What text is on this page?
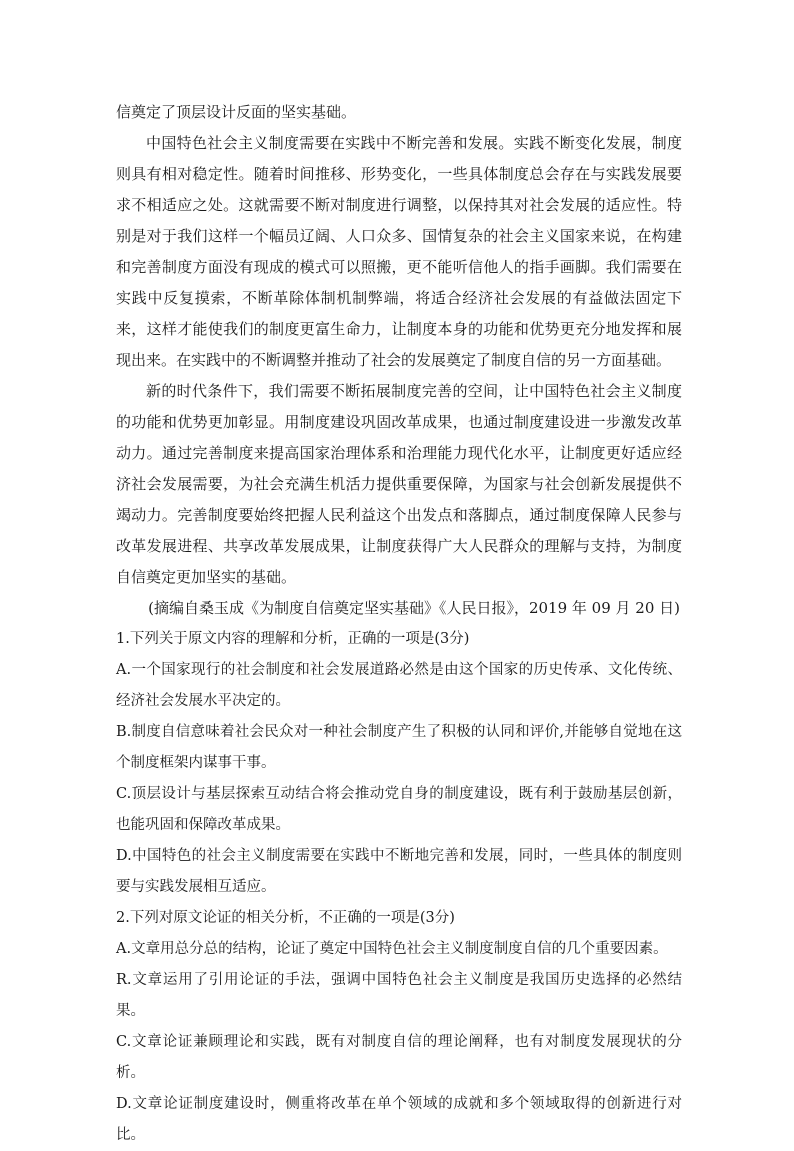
信奠定了顶层设计反面的坚实基础。

中国特色社会主义制度需要在实践中不断完善和发展。实践不断变化发展，制度则具有相对稳定性。随着时间推移、形势变化，一些具体制度总会存在与实践发展要求不相适应之处。这就需要不断对制度进行调整，以保持其对社会发展的适应性。特别是对于我们这样一个幅员辽阔、人口众多、国情复杂的社会主义国家来说，在构建和完善制度方面没有现成的模式可以照搬，更不能听信他人的指手画脚。我们需要在实践中反复摸索，不断革除体制机制弊端，将适合经济社会发展的有益做法固定下来，这样才能使我们的制度更富生命力，让制度本身的功能和优势更充分地发挥和展现出来。在实践中的不断调整并推动了社会的发展奠定了制度自信的另一方面基础。

新的时代条件下，我们需要不断拓展制度完善的空间，让中国特色社会主义制度的功能和优势更加彰显。用制度建设巩固改革成果，也通过制度建设进一步激发改革动力。通过完善制度来提高国家治理体系和治理能力现代化水平，让制度更好适应经济社会发展需要，为社会充满生机活力提供重要保障，为国家与社会创新发展提供不竭动力。完善制度要始终把握人民利益这个出发点和落脚点，通过制度保障人民参与改革发展进程、共享改革发展成果，让制度获得广大人民群众的理解与支持，为制度自信奠定更加坚实的基础。

(摘编自桑玉成《为制度自信奠定坚实基础》《人民日报》，2019 年 09 月 20 日)

1.下列关于原文内容的理解和分析，正确的一项是(3分)

A.一个国家现行的社会制度和社会发展道路必然是由这个国家的历史传承、文化传统、经济社会发展水平决定的。

B.制度自信意味着社会民众对一种社会制度产生了积极的认同和评价,并能够自觉地在这个制度框架内谋事干事。

C.顶层设计与基层探索互动结合将会推动党自身的制度建设，既有利于鼓励基层创新，也能巩固和保障改革成果。

D.中国特色的社会主义制度需要在实践中不断地完善和发展，同时，一些具体的制度则要与实践发展相互适应。

2.下列对原文论证的相关分析，不正确的一项是(3分)

A.文章用总分总的结构，论证了奠定中国特色社会主义制度制度自信的几个重要因素。

R.文章运用了引用论证的手法，强调中国特色社会主义制度是我国历史选择的必然结果。

C.文章论证兼顾理论和实践，既有对制度自信的理论阐释，也有对制度发展现状的分析。

D.文章论证制度建设时，侧重将改革在单个领域的成就和多个领域取得的创新进行对比。
